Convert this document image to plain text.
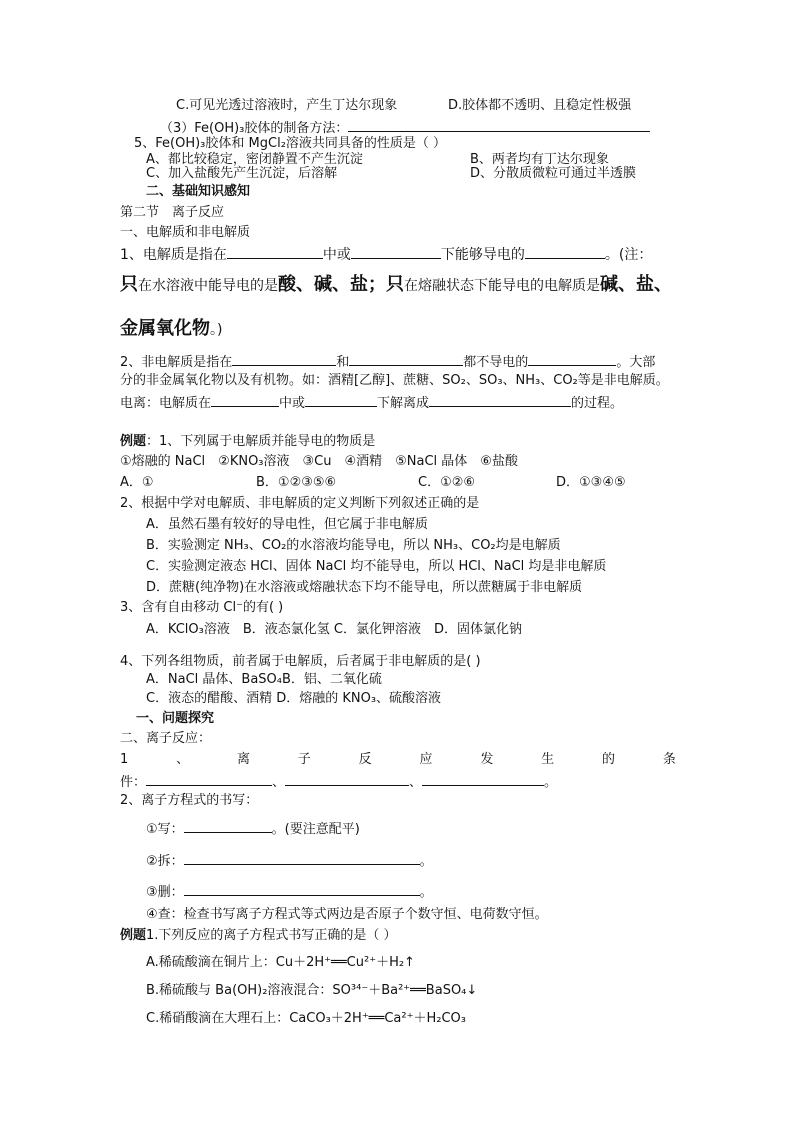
C.可见光透过溶液时，产生丁达尔现象	D.胶体都不透明、且稳定性极强
（3）Fe(OH)₃胶体的制备方法：
5、Fe(OH)₃胶体和 MgCl₂溶液共同具备的性质是（ ）
A、都比较稳定，密闭静置不产生沉淀	B、两者均有丁达尔现象
C、加入盐酸先产生沉淀，后溶解	D、分散质微粒可通过半透膜
二、基础知识感知
第二节　离子反应
一、电解质和非电解质
1、电解质是指在	中或	下能够导电的	。(注：
只在水溶液中能导电的是酸、碱、盐；只在熔融状态下能导电的电解质是碱、盐、
金属氧化物。)
2、非电解质是指在	和	都不导电的	。大部
分的非金属氧化物以及有机物。如：酒精[乙醇]、蔗糖、SO₂、SO₃、NH₃、CO₂等是非电解质。
电离：电解质在	中或	下解离成	的过程。
例题：1、下列属于电解质并能导电的物质是
①熔融的 NaCl　②KNO₃溶液　③Cu　④酒精　⑤NaCl 晶体　⑥盐酸
A．①	B．①②③⑤⑥	C．①②⑥	D．①③④⑤
2、根据中学对电解质、非电解质的定义判断下列叙述正确的是
A．虽然石墨有较好的导电性，但它属于非电解质
B．实验测定 NH₃、CO₂的水溶液均能导电，所以 NH₃、CO₂均是电解质
C．实验测定液态 HCl、固体 NaCl 均不能导电，所以 HCl、NaCl 均是非电解质
D．蔗糖(纯净物)在水溶液或熔融状态下均不能导电，所以蔗糖属于非电解质
3、含有自由移动 Cl⁻的有( )
A．KClO₃溶液　B．液态氯化氢 C．氯化钾溶液　D．固体氯化钠
4、下列各组物质，前者属于电解质，后者属于非电解质的是( )
A．NaCl 晶体、BaSO₄B．铝、二氧化硫
C．液态的醋酸、酒精 D．熔融的 KNO₃、硫酸溶液
一、问题探究
二、离子反应：
1	、	离	子	反	应	发	生	的	条
件：	、	、	。
2、离子方程式的书写：
①写：	。(要注意配平)
②拆：	。
③删：	。
④查：检查书写离子方程式等式两边是否原子个数守恒、电荷数守恒。
例题1.下列反应的离子方程式书写正确的是（ ）
A.稀硫酸滴在铜片上：Cu＋2H⁺══Cu²⁺＋H₂↑
B.稀硫酸与 Ba(OH)₂溶液混合：SO³⁴⁻＋Ba²⁺══BaSO₄↓
C.稀硝酸滴在大理石上：CaCO₃＋2H⁺══Ca²⁺＋H₂CO₃
